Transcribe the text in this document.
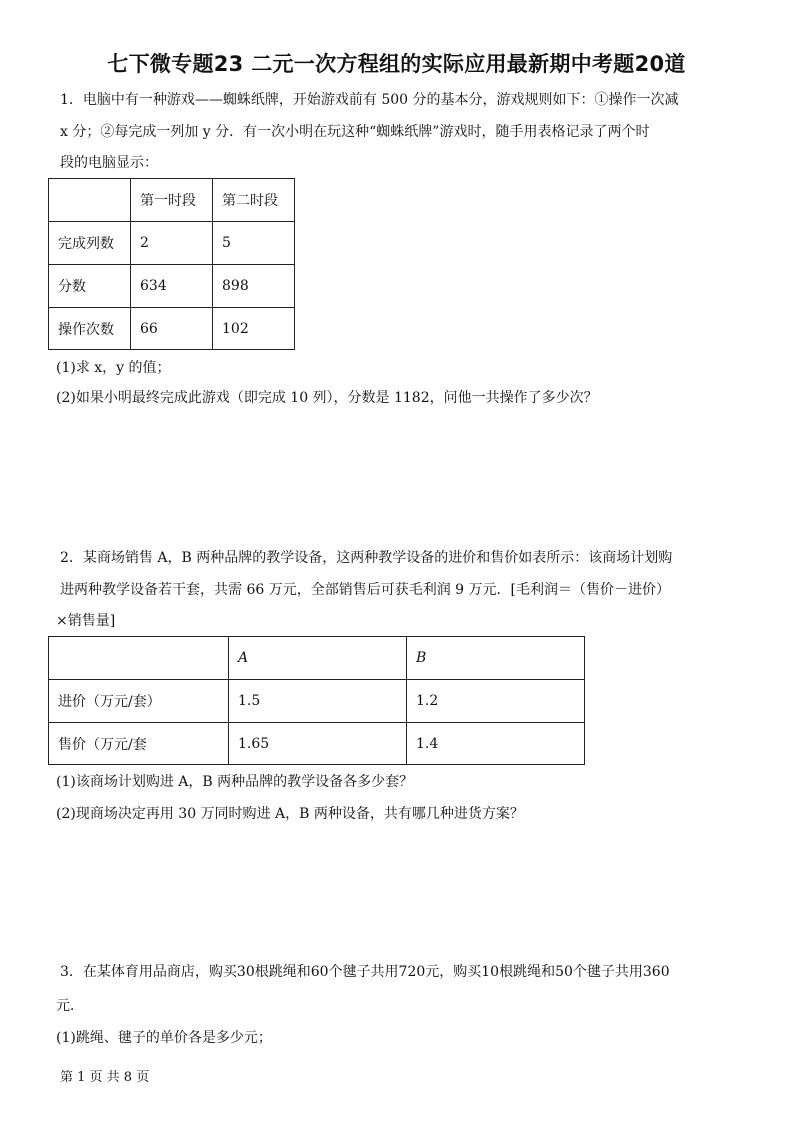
七下微专题23 二元一次方程组的实际应用最新期中考题20道
1．电脑中有一种游戏——蜘蛛纸牌，开始游戏前有 500 分的基本分，游戏规则如下：①操作一次减
x 分；②每完成一列加 y 分．有一次小明在玩这种“蜘蛛纸牌”游戏时，随手用表格记录了两个时
段的电脑显示：
	第一时段	第二时段
完成列数	2	5
分数	634	898
操作次数	66	102
(1)求 x，y 的值；
(2)如果小明最终完成此游戏（即完成 10 列），分数是 1182，问他一共操作了多少次？
2．某商场销售 A，B 两种品牌的教学设备，这两种教学设备的进价和售价如表所示：该商场计划购
进两种教学设备若干套，共需 66 万元，全部销售后可获毛利润 9 万元．[毛利润＝（售价－进价）
×销售量]
	A	B
进价（万元/套）	1.5	1.2
售价（万元/套	1.65	1.4
(1)该商场计划购进 A，B 两种品牌的教学设备各多少套？
(2)现商场决定再用 30 万同时购进 A，B 两种设备，共有哪几种进货方案？
3．在某体育用品商店，购买30根跳绳和60个毽子共用720元，购买10根跳绳和50个毽子共用360
元．
(1)跳绳、毽子的单价各是多少元；
第 1 页 共 8 页
